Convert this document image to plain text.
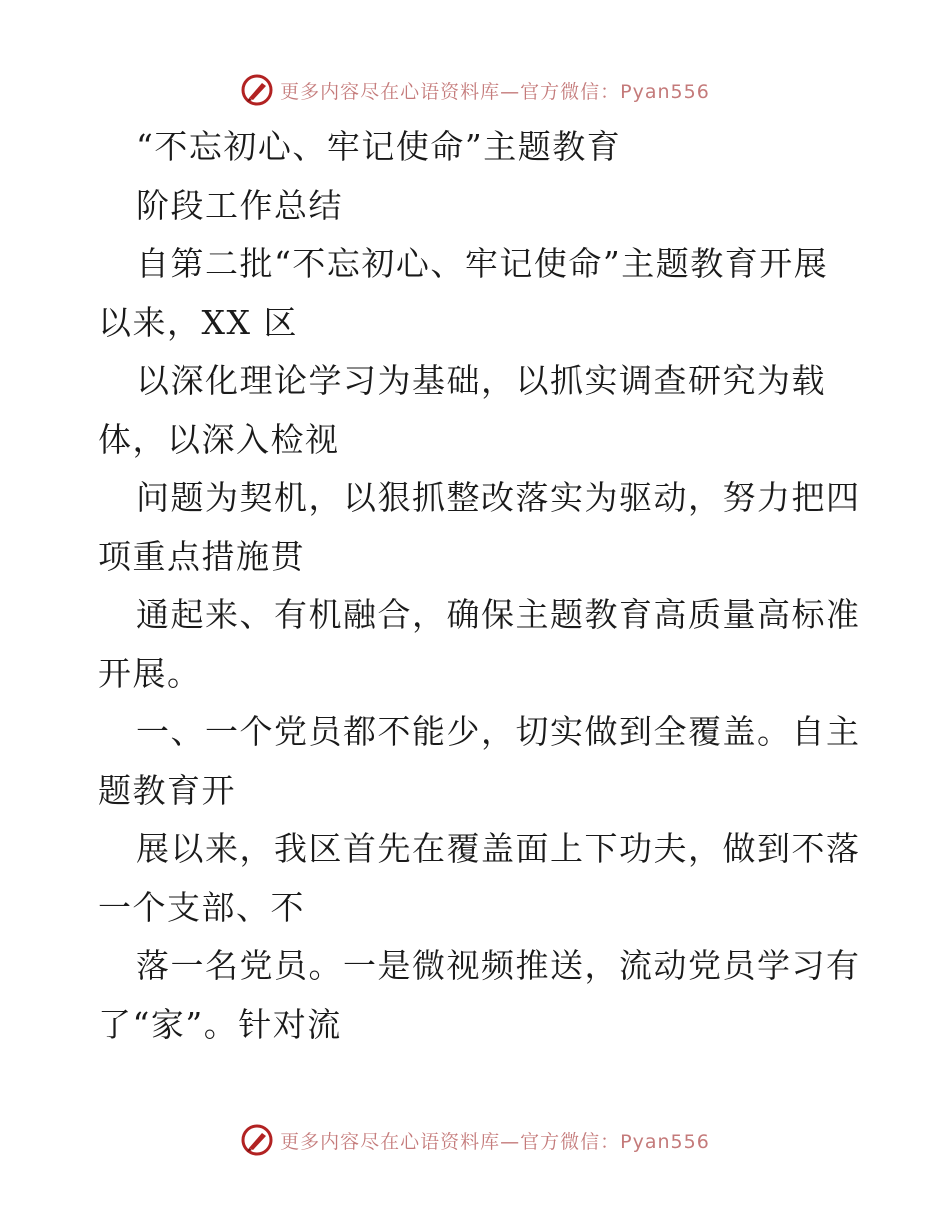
更多内容尽在心语资料库—官方微信：Pyan556
“不忘初心、牢记使命”主题教育
阶段工作总结
自第二批“不忘初心、牢记使命”主题教育开展
以来，XX 区
以深化理论学习为基础，以抓实调查研究为载
体，以深入检视
问题为契机，以狠抓整改落实为驱动，努力把四
项重点措施贯
通起来、有机融合，确保主题教育高质量高标准
开展。
一、一个党员都不能少，切实做到全覆盖。自主
题教育开
展以来，我区首先在覆盖面上下功夫，做到不落
一个支部、不
落一名党员。一是微视频推送，流动党员学习有
了“家”。针对流
更多内容尽在心语资料库—官方微信：Pyan556
